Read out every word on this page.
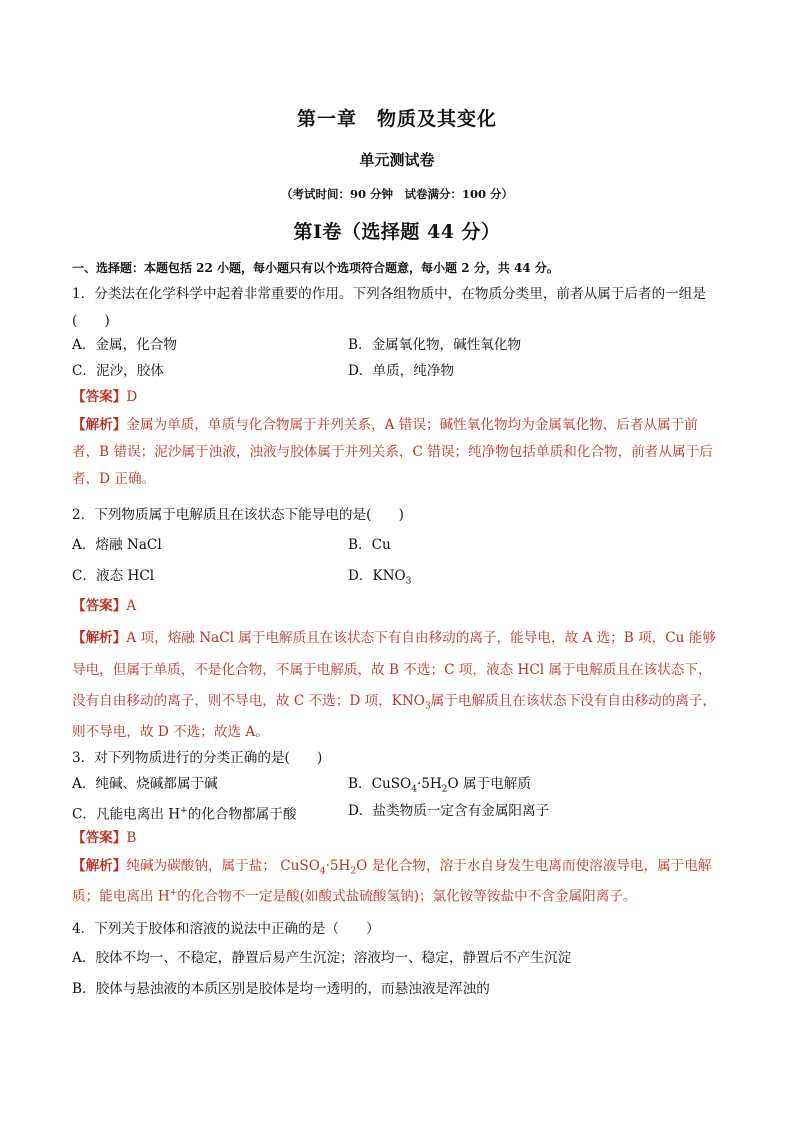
第一章　物质及其变化
单元测试卷
（考试时间：90 分钟　试卷满分：100 分）
第Ⅰ卷（选择题 44 分）
一、选择题：本题包括 22 小题，每小题只有以个选项符合题意，每小题 2 分，共 44 分。
1．分类法在化学科学中起着非常重要的作用。下列各组物质中，在物质分类里，前者从属于后者的一组是
(　　)
A．金属，化合物	B．金属氧化物，碱性氧化物
C．泥沙，胶体	D．单质，纯净物
【答案】D
【解析】金属为单质，单质与化合物属于并列关系，A 错误；碱性氧化物均为金属氧化物，后者从属于前
者，B 错误；泥沙属于浊液，浊液与胶体属于并列关系，C 错误；纯净物包括单质和化合物，前者从属于后
者，D 正确。
2．下列物质属于电解质且在该状态下能导电的是(　　)
A．熔融 NaCl	B．Cu
C．液态 HCl	D．$KNO_3$
【答案】A
【解析】A 项，熔融 NaCl 属于电解质且在该状态下有自由移动的离子，能导电，故 A 选；B 项，Cu 能够
导电，但属于单质，不是化合物，不属于电解质，故 B 不选；C 项，液态 HCl 属于电解质且在该状态下，
没有自由移动的离子，则不导电，故 C 不选；D 项，$KNO_3$属于电解质且在该状态下没有自由移动的离子，
则不导电，故 D 不选；故选 A。
3．对下列物质进行的分类正确的是(　　)
A．纯碱、烧碱都属于碱	B．$CuSO_4\cdot 5H_2O$ 属于电解质
C．凡能电离出 H+的化合物都属于酸	D．盐类物质一定含有金属阳离子
【答案】B
【解析】纯碱为碳酸钠，属于盐； $CuSO_4\cdot 5H_2O$ 是化合物，溶于水自身发生电离而使溶液导电，属于电解
质；能电离出 H+的化合物不一定是酸(如酸式盐硫酸氢钠)；氯化铵等铵盐中不含金属阳离子。
4．下列关于胶体和溶液的说法中正确的是（　　）
A．胶体不均一、不稳定，静置后易产生沉淀；溶液均一、稳定，静置后不产生沉淀
B．胶体与悬浊液的本质区别是胶体是均一透明的，而悬浊液是浑浊的
